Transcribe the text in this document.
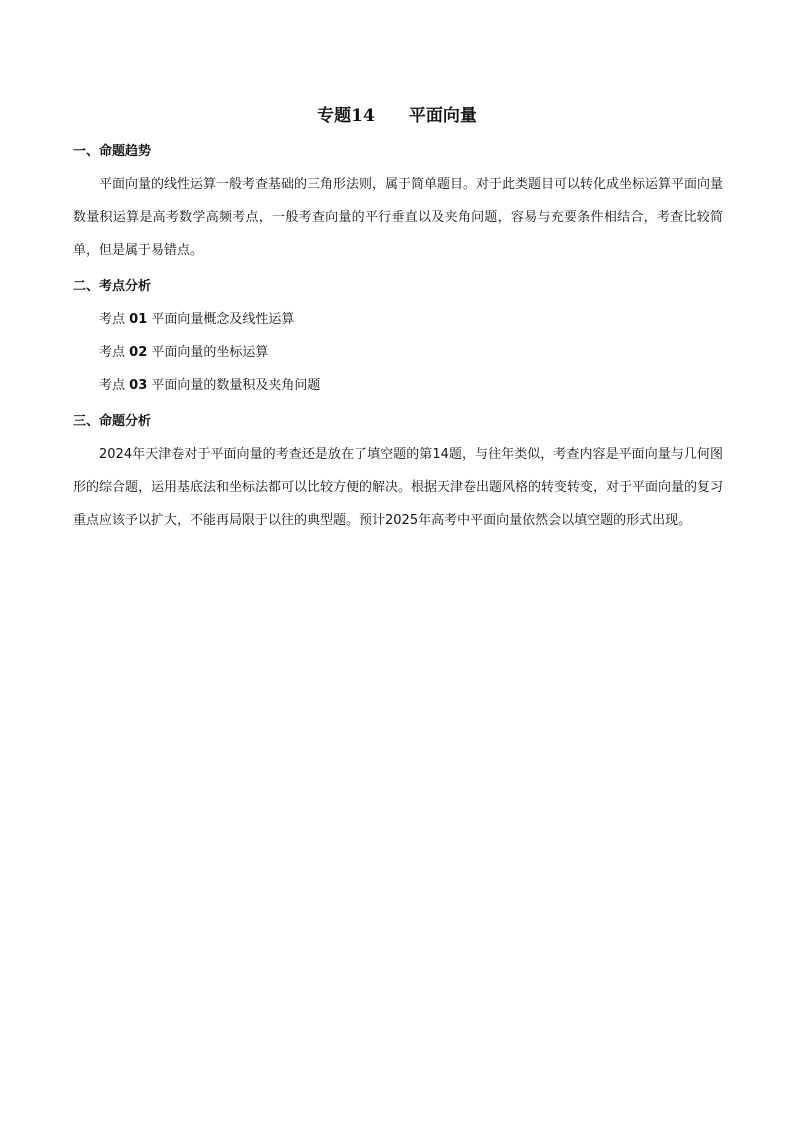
专题14 平面向量

一、命题趋势

平面向量的线性运算一般考查基础的三角形法则，属于简单题目。对于此类题目可以转化成坐标运算平面向量数量积运算是高考数学高频考点，一般考查向量的平行垂直以及夹角问题，容易与充要条件相结合，考查比较简单，但是属于易错点。

二、考点分析

考点 01 平面向量概念及线性运算

考点 02 平面向量的坐标运算

考点 03 平面向量的数量积及夹角问题

三、命题分析

2024年天津卷对于平面向量的考查还是放在了填空题的第14题，与往年类似，考查内容是平面向量与几何图形的综合题，运用基底法和坐标法都可以比较方便的解决。根据天津卷出题风格的转变转变，对于平面向量的复习重点应该予以扩大，不能再局限于以往的典型题。预计2025年高考中平面向量依然会以填空题的形式出现。
